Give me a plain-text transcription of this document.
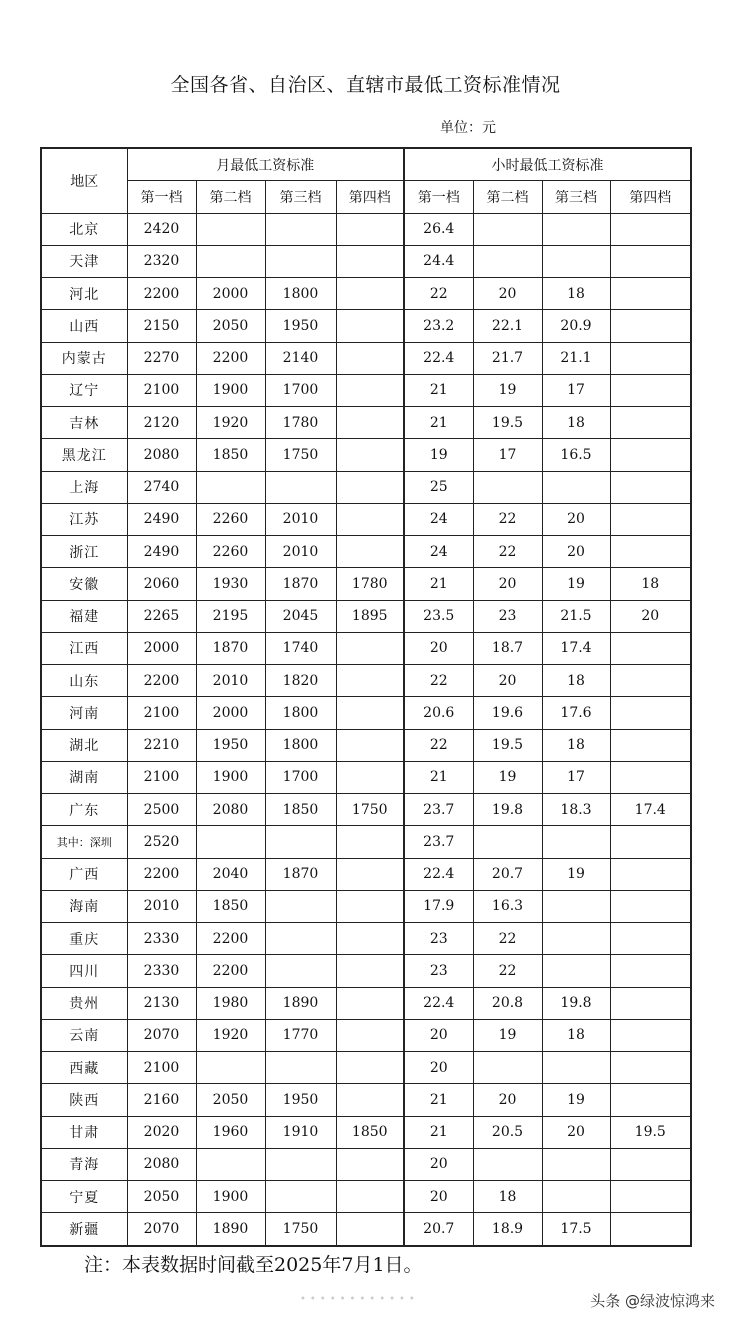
全国各省、自治区、直辖市最低工资标准情况
单位：元
地区	月最低工资标准				小时最低工资标准			
	第一档	第二档	第三档	第四档	第一档	第二档	第三档	第四档
北京	2420				26.4			
天津	2320				24.4			
河北	2200	2000	1800		22	20	18	
山西	2150	2050	1950		23.2	22.1	20.9	
内蒙古	2270	2200	2140		22.4	21.7	21.1	
辽宁	2100	1900	1700		21	19	17	
吉林	2120	1920	1780		21	19.5	18	
黑龙江	2080	1850	1750		19	17	16.5	
上海	2740				25			
江苏	2490	2260	2010		24	22	20	
浙江	2490	2260	2010		24	22	20	
安徽	2060	1930	1870	1780	21	20	19	18
福建	2265	2195	2045	1895	23.5	23	21.5	20
江西	2000	1870	1740		20	18.7	17.4	
山东	2200	2010	1820		22	20	18	
河南	2100	2000	1800		20.6	19.6	17.6	
湖北	2210	1950	1800		22	19.5	18	
湖南	2100	1900	1700		21	19	17	
广东	2500	2080	1850	1750	23.7	19.8	18.3	17.4
其中：深圳	2520				23.7			
广西	2200	2040	1870		22.4	20.7	19	
海南	2010	1850			17.9	16.3		
重庆	2330	2200			23	22		
四川	2330	2200			23	22		
贵州	2130	1980	1890		22.4	20.8	19.8	
云南	2070	1920	1770		20	19	18	
西藏	2100				20			
陕西	2160	2050	1950		21	20	19	
甘肃	2020	1960	1910	1850	21	20.5	20	19.5
青海	2080				20			
宁夏	2050	1900			20	18		
新疆	2070	1890	1750		20.7	18.9	17.5	
注：本表数据时间截至2025年7月1日。
••••••••••••	头条 @绿波惊鸿来
